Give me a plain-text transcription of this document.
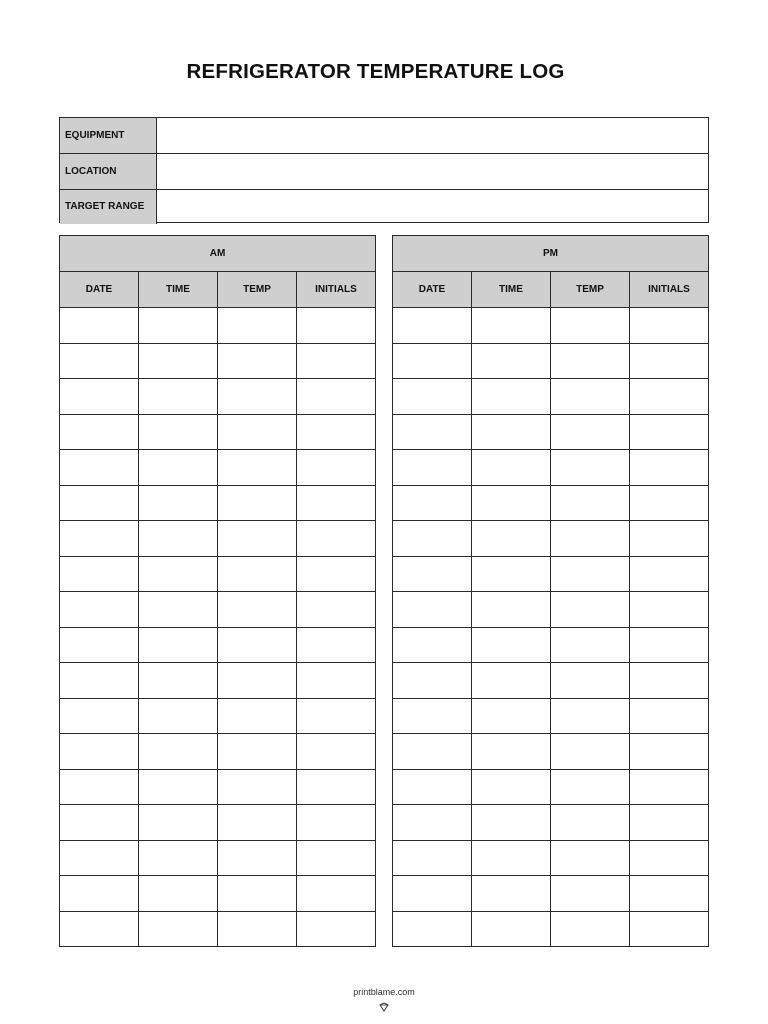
REFRIGERATOR TEMPERATURE LOG
EQUIPMENT
LOCATION
TARGET RANGE
AM			
DATE	TIME	TEMP	INITIALS

PM			
DATE	TIME	TEMP	INITIALS

printblame.com
